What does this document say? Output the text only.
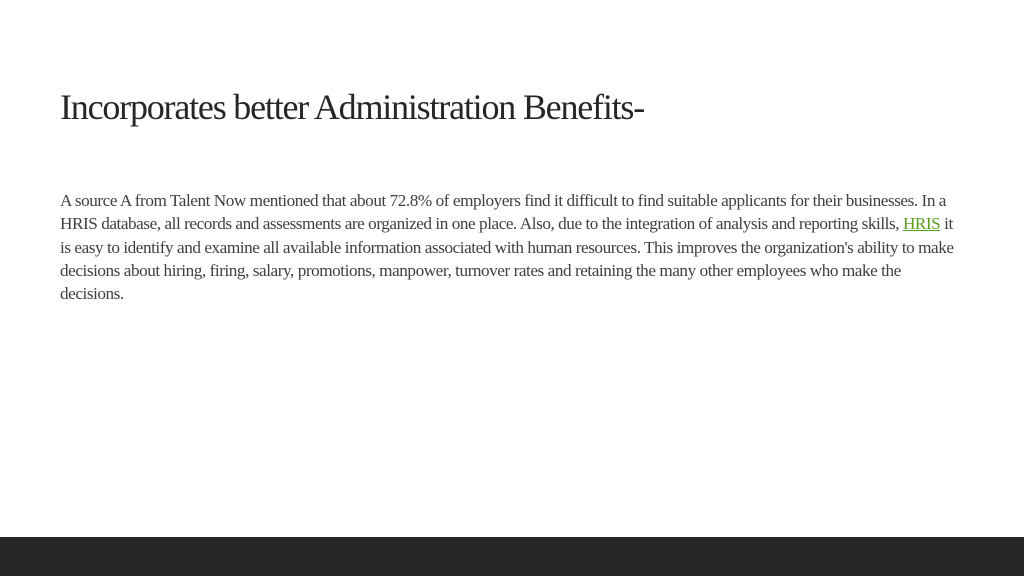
Incorporates better Administration Benefits-

A source A from Talent Now mentioned that about 72.8% of employers find it difficult to find suitable applicants for their businesses. In a HRIS database, all records and assessments are organized in one place. Also, due to the integration of analysis and reporting skills, HRIS it is easy to identify and examine all available information associated with human resources. This improves the organization's ability to make decisions about hiring, firing, salary, promotions, manpower, turnover rates and retaining the many other employees who make the decisions.
